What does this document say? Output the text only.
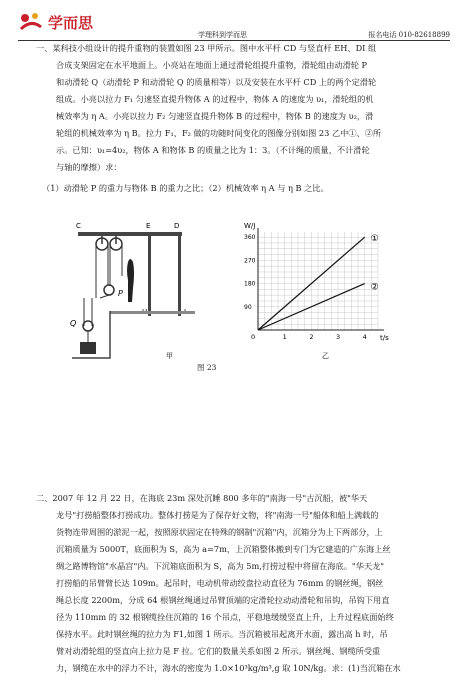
学而思
学理科到学而思	报名电话 010-82618899

一、某科技小组设计的提升重物的装置如图 23 甲所示。图中水平杆 CD 与竖直杆 EH、DI 组

合成支架固定在水平地面上。小亮站在地面上通过滑轮组提升重物，滑轮组由动滑轮 P

和动滑轮 Q（动滑轮 P 和动滑轮 Q 的质量相等）以及安装在水平杆 CD 上的两个定滑轮

组成。小亮以拉力 F₁ 匀速竖直提升物体 A 的过程中，物体 A 的速度为 υ₁，滑轮组的机

械效率为 η A。小亮以拉力 F₂ 匀速竖直提升物体 B 的过程中，物体 B 的速度为 υ₂，滑

轮组的机械效率为 η B。拉力 F₁、F₂ 做的功随时间变化的图像分别如图 23 乙中①、②所

示。已知：υ₁=4υ₂，物体 A 和物体 B 的质量之比为 1：3。（不计绳的质量，不计滑轮

与轴的摩擦）求：

（1）动滑轮 P 的重力与物体 B 的重力之比；（2）机械效率 η A 与 η B 之比。

C	E	D
P
Q
甲
W/J
t/s
乙
0	1	2	3	4
90
180
270
360	①
②
图 23

二、2007 年 12 月 22 日，在海底 23m 深处沉睡 800 多年的"南海一号"古沉船，被"华天

龙号"打捞船整体打捞成功。整体打捞是为了保存好文物，将"南海一号"船体和船上满载的

货物连带周围的淤泥一起，按照原状固定在特殊的钢制"沉箱"内，沉箱分为上下两部分，上

沉箱质量为 5000T，底面积为 S，高为 a=7m，上沉箱整体搬到专门为它建造的广东海上丝

绸之路博物馆"水晶宫"内。下沉箱底面积为 S，高为 5m,打捞过程中将留在海底。"华天龙"

打捞船的吊臂臂长达 109m。起吊时，电动机带动绞盘拉动直径为 76mm 的钢丝绳，钢丝

绳总长度 2200m，分成 64 根钢丝绳通过吊臂顶端的定滑轮拉动动滑轮和吊钩，吊钩下用直

径为 110mm 的 32 根钢缆拴住沉箱的 16 个吊点，平稳地缓缓竖直上升，上升过程底面始终

保持水平。此时钢丝绳的拉力为 F1,如图 1 所示。当沉箱被吊起离开水面，露出高 h 时，吊

臂对动滑轮组的竖直向上拉力是 F 拉。它们的数量关系如图 2 所示。钢丝绳、钢缆所受重

力，钢缆在水中的浮力不计，海水的密度为 1.0×10³kg/m³,g 取 10N/kg。求：(1)当沉箱在水
